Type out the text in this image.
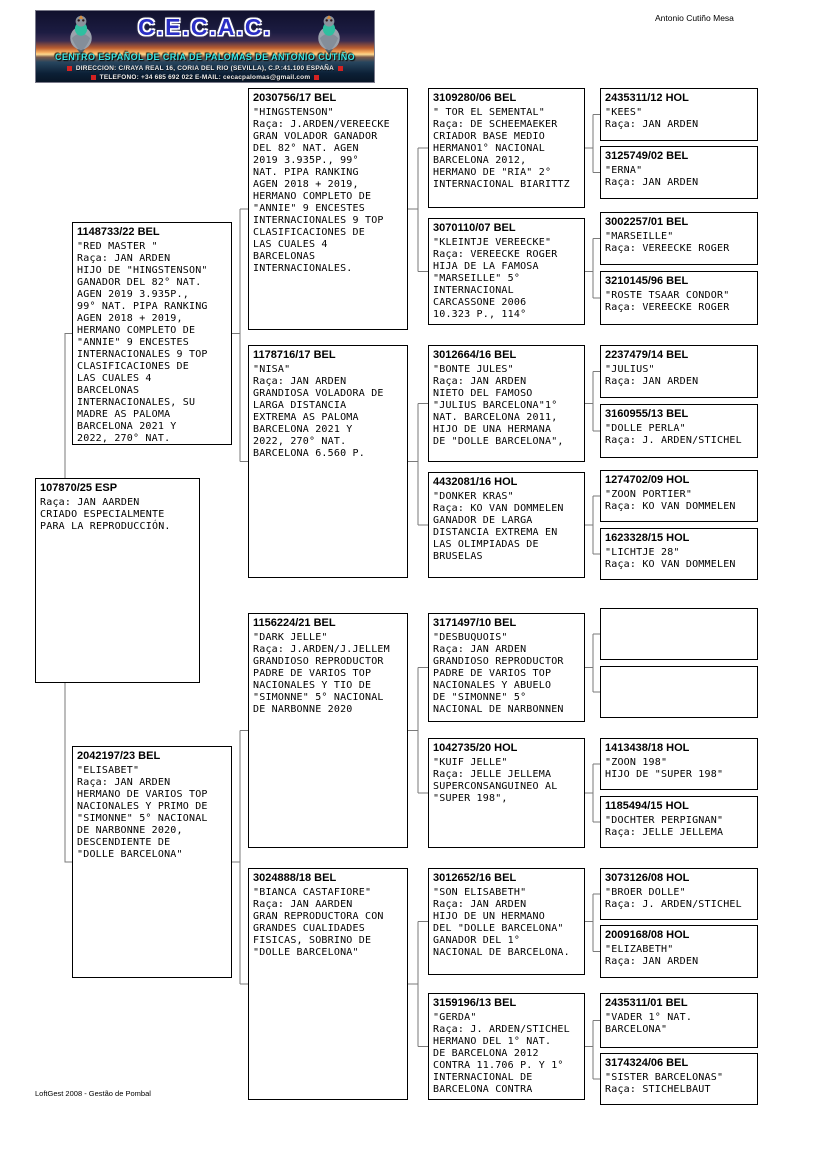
Antonio Cutiño Mesa
C.E.C.A.C.
CENTRO ESPAÑOL DE CRIA DE PALOMAS DE ANTONIO CUTIÑO
DIRECCION: C/RAYA REAL 16, CORIA DEL RIO (SEVILLA), C.P.:41.100 ESPAÑA
TELEFONO: +34 685 692 022 E-MAIL: cecacpalomas@gmail.com
107870/25 ESP
Raça: JAN AARDEN
CRIADO ESPECIALMENTE
PARA LA REPRODUCCIÓN.
1148733/22 BEL
"RED MASTER "
Raça: JAN ARDEN
HIJO DE "HINGSTENSON"
GANADOR DEL 82° NAT.
AGEN 2019 3.935P.,
99° NAT. PIPA RANKING
AGEN 2018 + 2019,
HERMANO COMPLETO DE
"ANNIE" 9 ENCESTES
INTERNACIONALES 9 TOP
CLASIFICACIONES DE
LAS CUALES 4
BARCELONAS
INTERNACIONALES, SU
MADRE AS PALOMA
BARCELONA 2021 Y
2022, 270° NAT.
2042197/23 BEL
"ELISABET"
Raça: JAN ARDEN
HERMANO DE VARIOS TOP
NACIONALES Y PRIMO DE
"SIMONNE" 5° NACIONAL
DE NARBONNE 2020,
DESCENDIENTE DE
"DOLLE BARCELONA"
2030756/17 BEL
"HINGSTENSON"
Raça: J.ARDEN/VEREECKE
GRAN VOLADOR GANADOR
DEL 82° NAT. AGEN
2019 3.935P., 99°
NAT. PIPA RANKING
AGEN 2018 + 2019,
HERMANO COMPLETO DE
"ANNIE" 9 ENCESTES
INTERNACIONALES 9 TOP
CLASIFICACIONES DE
LAS CUALES 4
BARCELONAS
INTERNACIONALES.
1178716/17 BEL
"NISA"
Raça: JAN ARDEN
GRANDIOSA VOLADORA DE
LARGA DISTANCIA
EXTREMA AS PALOMA
BARCELONA 2021 Y
2022, 270° NAT.
BARCELONA 6.560 P.
1156224/21 BEL
"DARK JELLE"
Raça: J.ARDEN/J.JELLEM
GRANDIOSO REPRODUCTOR
PADRE DE VARIOS TOP
NACIONALES Y TIO DE
"SIMONNE" 5° NACIONAL
DE NARBONNE 2020
3024888/18 BEL
"BIANCA CASTAFIORE"
Raça: JAN AARDEN
GRAN REPRODUCTORA CON
GRANDES CUALIDADES
FISICAS, SOBRINO DE
"DOLLE BARCELONA"
3109280/06 BEL
" TOR EL SEMENTAL"
Raça: DE SCHEEMAEKER
CRIADOR BASE MEDIO
HERMANO1° NACIONAL
BARCELONA 2012,
HERMANO DE "RIA" 2°
INTERNACIONAL BIARITTZ
3070110/07 BEL
"KLEINTJE VEREECKE"
Raça: VEREECKE ROGER
HIJA DE LA FAMOSA
"MARSEILLE" 5°
INTERNACIONAL
CARCASSONE 2006
10.323 P., 114°
3012664/16 BEL
"BONTE JULES"
Raça: JAN ARDEN
NIETO DEL FAMOSO
"JULIUS BARCELONA"1°
NAT. BARCELONA 2011,
HIJO DE UNA HERMANA
DE "DOLLE BARCELONA",
4432081/16 HOL
"DONKER KRAS"
Raça: KO VAN DOMMELEN
GANADOR DE LARGA
DISTANCIA EXTREMA EN
LAS OLIMPIADAS DE
BRUSELAS
3171497/10 BEL
"DESBUQUOIS"
Raça: JAN ARDEN
GRANDIOSO REPRODUCTOR
PADRE DE VARIOS TOP
NACIONALES Y ABUELO
DE "SIMONNE" 5°
NACIONAL DE NARBONNEN
1042735/20 HOL
"KUIF JELLE"
Raça: JELLE JELLEMA
SUPERCONSANGUINEO AL
"SUPER 198",
3012652/16 BEL
"SON ELISABETH"
Raça: JAN ARDEN
HIJO DE UN HERMANO
DEL "DOLLE BARCELONA"
GANADOR DEL 1°
NACIONAL DE BARCELONA.
3159196/13 BEL
"GERDA"
Raça: J. ARDEN/STICHEL
HERMANO DEL 1° NAT.
DE BARCELONA 2012
CONTRA 11.706 P. Y 1°
INTERNACIONAL DE
BARCELONA CONTRA
2435311/12 HOL
"KEES"
Raça: JAN ARDEN
3125749/02 BEL
"ERNA"
Raça: JAN ARDEN
3002257/01 BEL
"MARSEILLE"
Raça: VEREECKE ROGER
3210145/96 BEL
"ROSTE TSAAR CONDOR"
Raça: VEREECKE ROGER
2237479/14 BEL
"JULIUS"
Raça: JAN ARDEN
3160955/13 BEL
"DOLLE PERLA"
Raça: J. ARDEN/STICHEL
1274702/09 HOL
"ZOON PORTIER"
Raça: KO VAN DOMMELEN
1623328/15 HOL
"LICHTJE 28"
Raça: KO VAN DOMMELEN
1413438/18 HOL
"ZOON 198"
HIJO DE "SUPER 198"
1185494/15 HOL
"DOCHTER PERPIGNAN"
Raça: JELLE JELLEMA
3073126/08 HOL
"BROER DOLLE"
Raça: J. ARDEN/STICHEL
2009168/08 HOL
"ELIZABETH"
Raça: JAN ARDEN
2435311/01 BEL
"VADER 1° NAT.
BARCELONA"
3174324/06 BEL
"SISTER BARCELONAS"
Raça: STICHELBAUT
LoftGest 2008 - Gestão de Pombal
